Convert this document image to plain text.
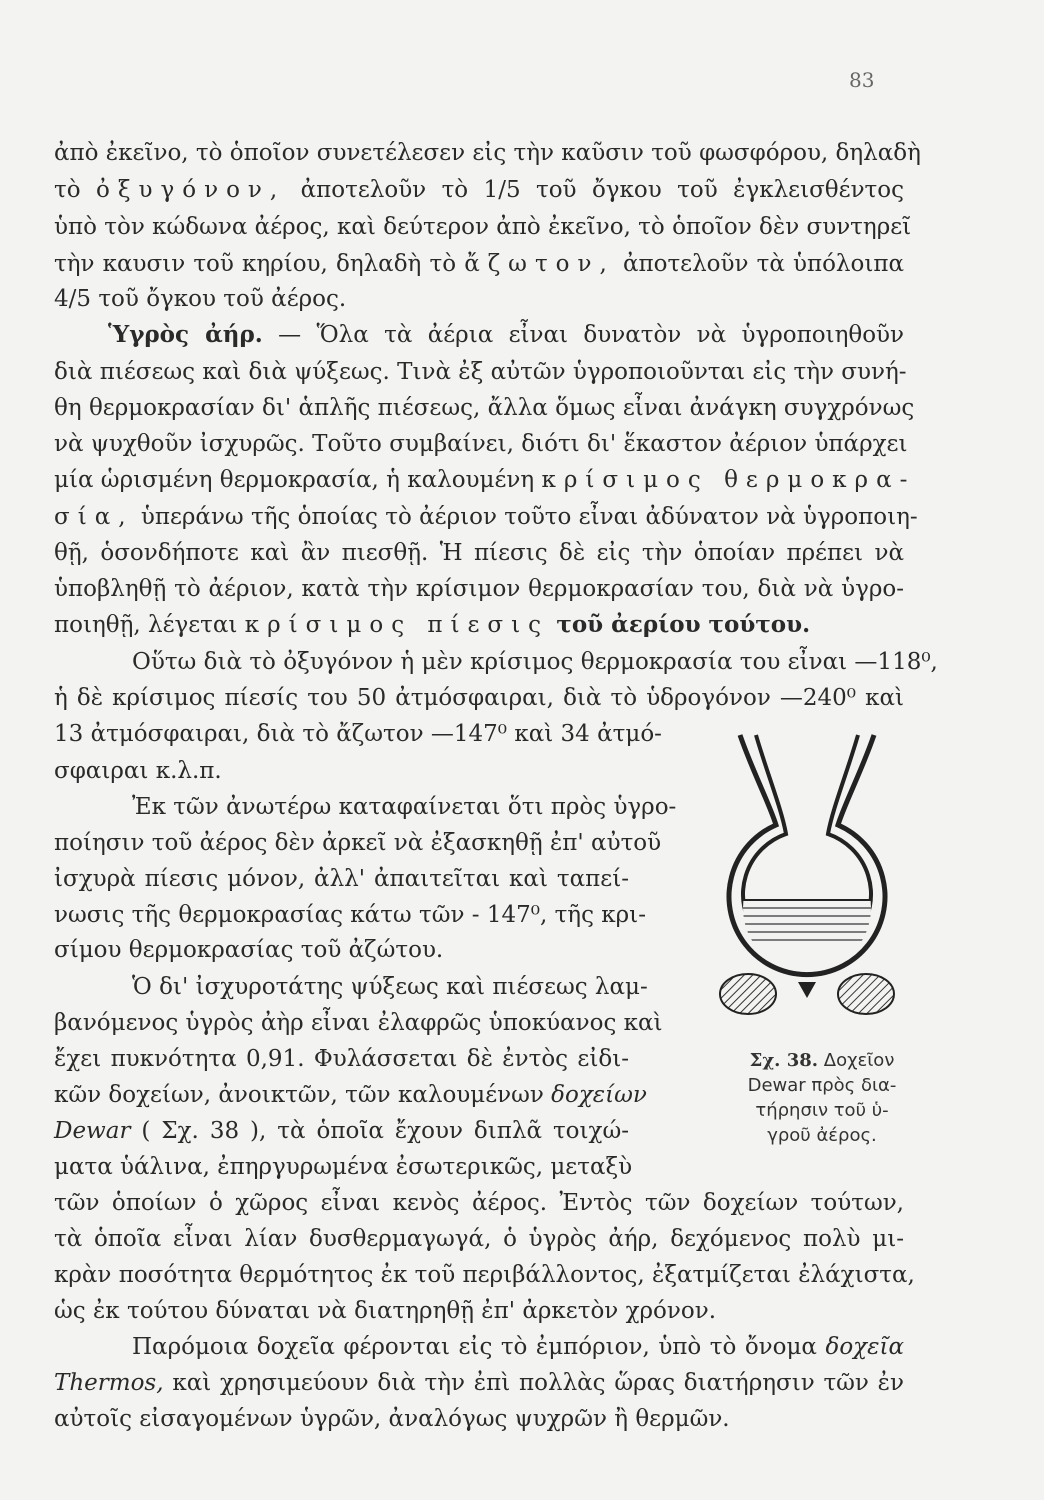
83
ἀπὸ ἐκεῖνο, τὸ ὁποῖον συνετέλεσεν εἰς τὴν καῦσιν τοῦ φωσφόρου, δηλαδὴ
τὸ ὀξυγόνον, ἀποτελοῦν τὸ 1/5 τοῦ ὄγκου τοῦ ἐγκλεισθέντος
ὑπὸ τὸν κώδωνα ἀέρος, καὶ δεύτερον ἀπὸ ἐκεῖνο, τὸ ὁποῖον δὲν συντηρεῖ
τὴν καυσιν τοῦ κηρίου, δηλαδὴ τὸ ἄζωτον, ἀποτελοῦν τὰ ὑπόλοιπα
4/5 τοῦ ὄγκου τοῦ ἀέρος.
Ὑγρὸς ἀήρ. — Ὅλα τὰ ἀέρια εἶναι δυνατὸν νὰ ὑγροποιηθοῦν
διὰ πιέσεως καὶ διὰ ψύξεως. Τινὰ ἐξ αὐτῶν ὑγροποιοῦνται εἰς τὴν συνή-
θη θερμοκρασίαν δι' ἁπλῆς πιέσεως, ἄλλα ὅμως εἶναι ἀνάγκη συγχρόνως
νὰ ψυχθοῦν ἰσχυρῶς. Τοῦτο συμβαίνει, διότι δι' ἕκαστον ἀέριον ὑπάρχει
μία ὡρισμένη θερμοκρασία, ἡ καλουμένη κρίσιμος θερμοκρα-
σία, ὑπεράνω τῆς ὁποίας τὸ ἀέριον τοῦτο εἶναι ἀδύνατον νὰ ὑγροποιη-
θῇ, ὁσονδήποτε καὶ ἂν πιεσθῇ. Ἡ πίεσις δὲ εἰς τὴν ὁποίαν πρέπει νὰ
ὑποβληθῇ τὸ ἀέριον, κατὰ τὴν κρίσιμον θερμοκρασίαν του, διὰ νὰ ὑγρο-
ποιηθῇ, λέγεται κρίσιμος πίεσις τοῦ ἀερίου τούτου.
Οὕτω διὰ τὸ ὀξυγόνον ἡ μὲν κρίσιμος θερμοκρασία του εἶναι —118⁰,
ἡ δὲ κρίσιμος πίεσίς του 50 ἀτμόσφαιραι, διὰ τὸ ὑδρογόνον —240⁰ καὶ
13 ἀτμόσφαιραι, διὰ τὸ ἄζωτον —147⁰ καὶ 34 ἀτμό-
σφαιραι κ.λ.π.
Ἐκ τῶν ἀνωτέρω καταφαίνεται ὅτι πρὸς ὑγρο-
ποίησιν τοῦ ἀέρος δὲν ἀρκεῖ νὰ ἐξασκηθῇ ἐπ' αὐτοῦ
ἰσχυρὰ πίεσις μόνον, ἀλλ' ἀπαιτεῖται καὶ ταπεί-
νωσις τῆς θερμοκρασίας κάτω τῶν - 147⁰, τῆς κρι-
σίμου θερμοκρασίας τοῦ ἀζώτου.
Ὁ δι' ἰσχυροτάτης ψύξεως καὶ πιέσεως λαμ-
βανόμενος ὑγρὸς ἀὴρ εἶναι ἐλαφρῶς ὑποκύανος καὶ
ἔχει πυκνότητα 0,91. Φυλάσσεται δὲ ἐντὸς εἰδι-
κῶν δοχείων, ἀνοικτῶν, τῶν καλουμένων δοχείων
Dewar ( Σχ. 38 ), τὰ ὁποῖα ἔχουν διπλᾶ τοιχώ-
ματα ὑάλινα, ἐπηργυρωμένα ἐσωτερικῶς, μεταξὺ
τῶν ὁποίων ὁ χῶρος εἶναι κενὸς ἀέρος. Ἐντὸς τῶν δοχείων τούτων,
τὰ ὁποῖα εἶναι λίαν δυσθερμαγωγά, ὁ ὑγρὸς ἀήρ, δεχόμενος πολὺ μι-
κρὰν ποσότητα θερμότητος ἐκ τοῦ περιβάλλοντος, ἐξατμίζεται ἐλάχιστα,
ὡς ἐκ τούτου δύναται νὰ διατηρηθῇ ἐπ' ἀρκετὸν χρόνον.
Παρόμοια δοχεῖα φέρονται εἰς τὸ ἐμπόριον, ὑπὸ τὸ ὄνομα δοχεῖα
Thermos, καὶ χρησιμεύουν διὰ τὴν ἐπὶ πολλὰς ὥρας διατήρησιν τῶν ἐν
αὐτοῖς εἰσαγομένων ὑγρῶν, ἀναλόγως ψυχρῶν ἢ θερμῶν.
Σχ. 38. Δοχεῖον
Dewar πρὸς δια-
τήρησιν τοῦ ὑ-
γροῦ ἀέρος.
